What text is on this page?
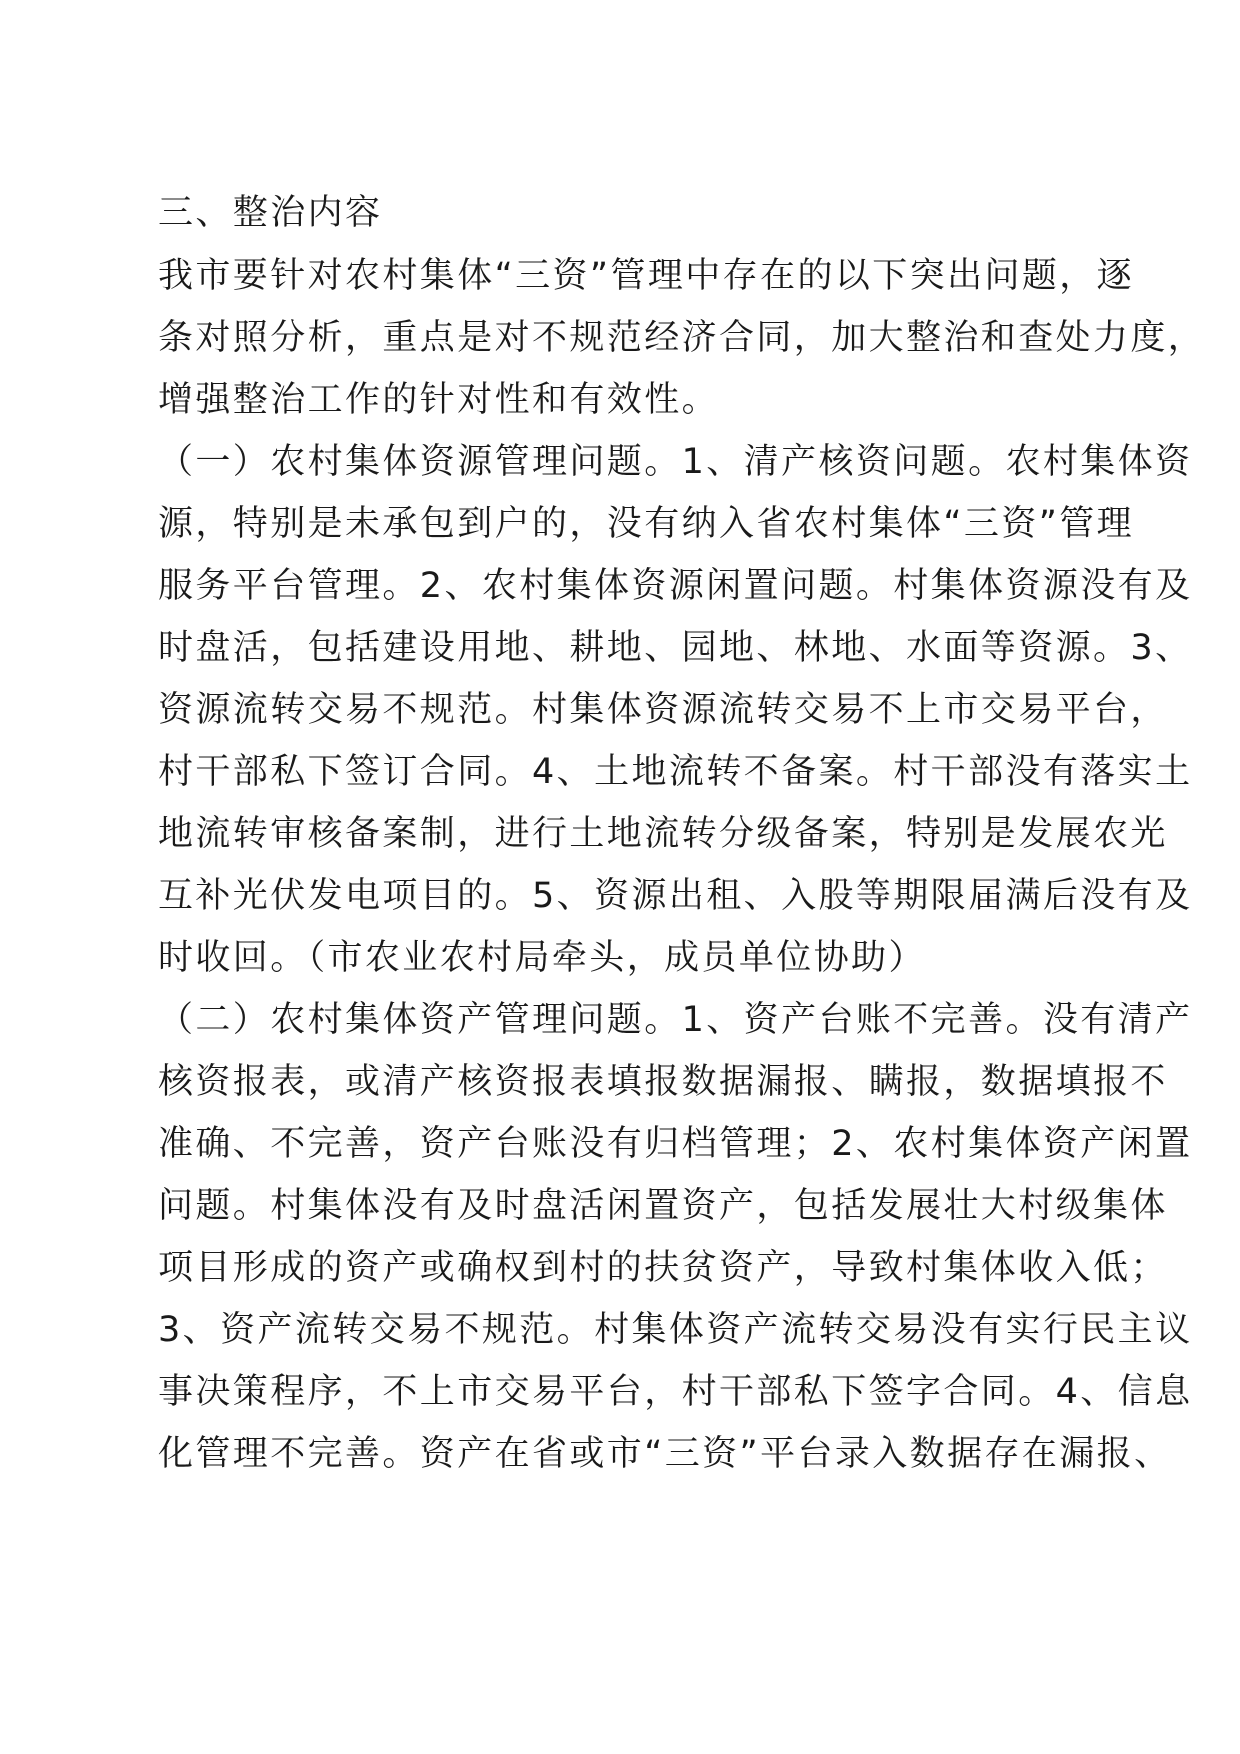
三、整治内容
我市要针对农村集体“三资”管理中存在的以下突出问题，逐
条对照分析，重点是对不规范经济合同，加大整治和查处力度，
增强整治工作的针对性和有效性。
（一）农村集体资源管理问题。1、清产核资问题。农村集体资
源，特别是未承包到户的，没有纳入省农村集体“三资”管理
服务平台管理。2、农村集体资源闲置问题。村集体资源没有及
时盘活，包括建设用地、耕地、园地、林地、水面等资源。3、
资源流转交易不规范。村集体资源流转交易不上市交易平台，
村干部私下签订合同。4、土地流转不备案。村干部没有落实土
地流转审核备案制，进行土地流转分级备案，特别是发展农光
互补光伏发电项目的。5、资源出租、入股等期限届满后没有及
时收回。（市农业农村局牵头，成员单位协助）
（二）农村集体资产管理问题。1、资产台账不完善。没有清产
核资报表，或清产核资报表填报数据漏报、瞒报，数据填报不
准确、不完善，资产台账没有归档管理；2、农村集体资产闲置
问题。村集体没有及时盘活闲置资产，包括发展壮大村级集体
项目形成的资产或确权到村的扶贫资产，导致村集体收入低；
3、资产流转交易不规范。村集体资产流转交易没有实行民主议
事决策程序，不上市交易平台，村干部私下签字合同。4、信息
化管理不完善。资产在省或市“三资”平台录入数据存在漏报、
